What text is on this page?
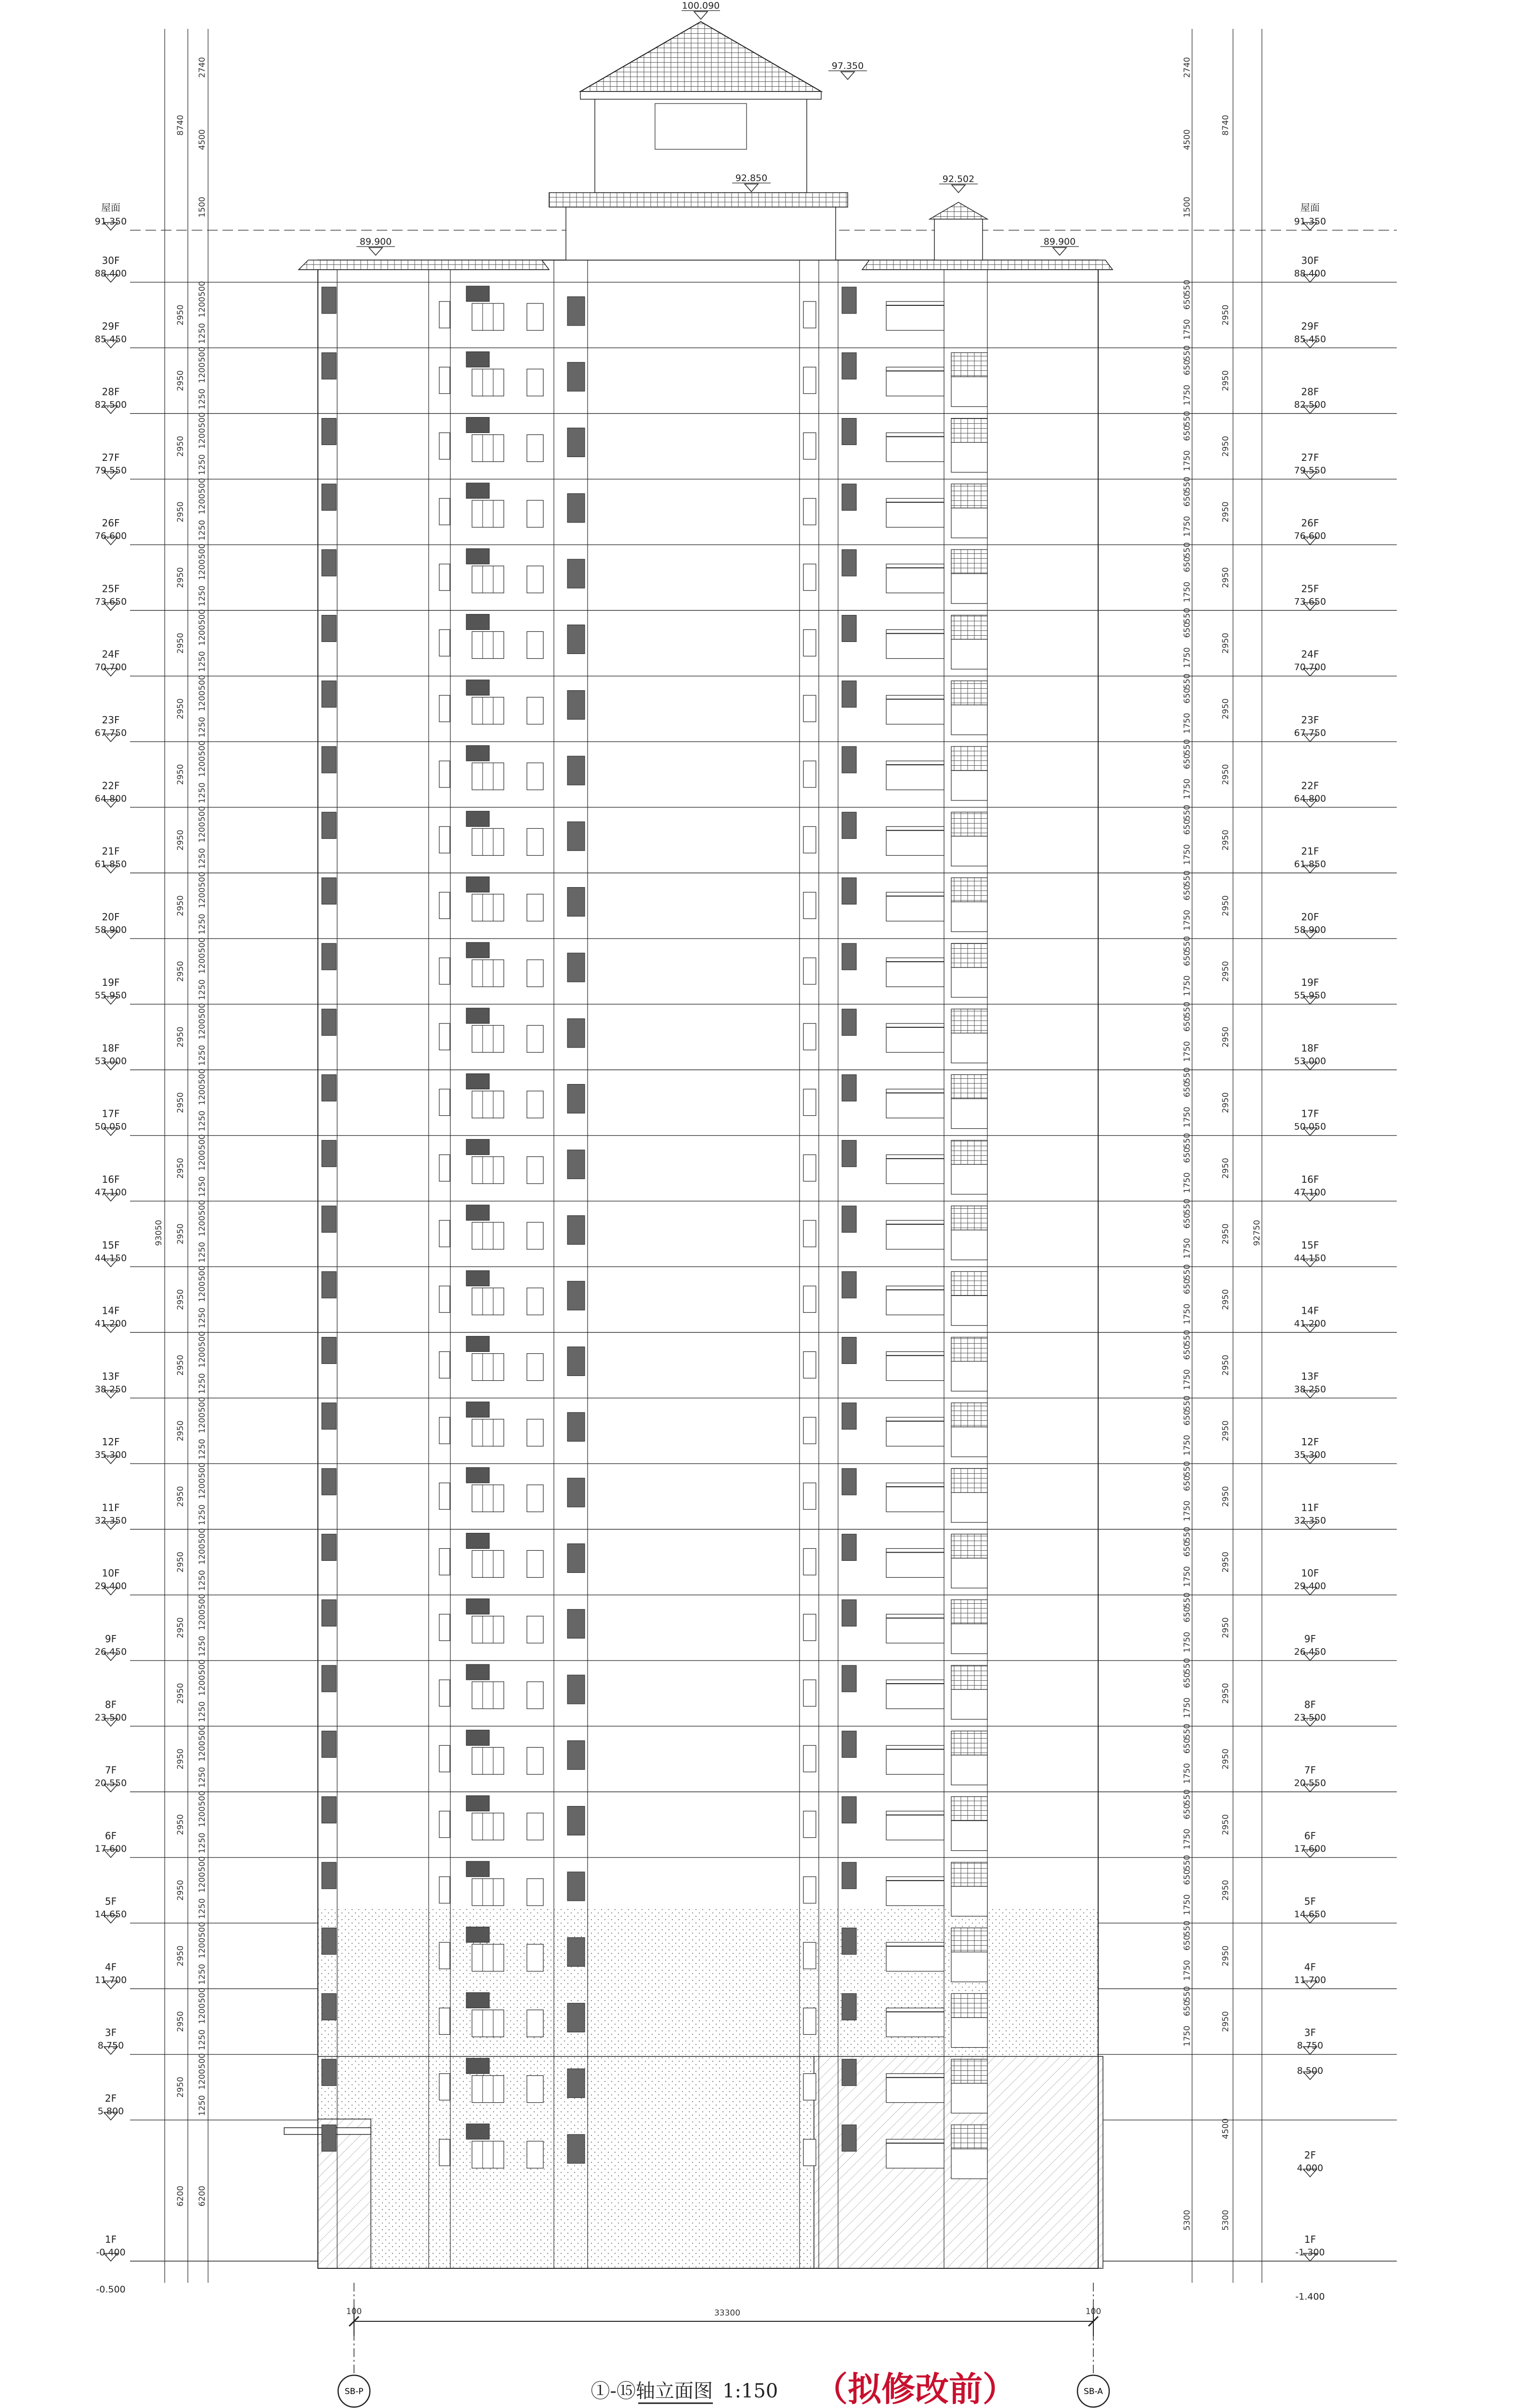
屋面
91.350
30F
88.400
29F
85.450
28F
82.500
27F
79.550
26F
76.600
25F
73.650
24F
70.700
23F
67.750
22F
64.800
21F
61.850
20F
58.900
19F
55.950
18F
53.000
17F
50.050
16F
47.100
15F
44.150
14F
41.200
13F
38.250
12F
35.300
11F
32.350
10F
29.400
9F
26.450
8F
23.500
7F
20.550
6F
17.600
5F
14.650
4F
11.700
3F
8.750
2F
5.800
1F
-0.400
-0.500
2950
1250
1200
500
2950
1250
1200
500
2950
1250
1200
500
2950
1250
1200
500
2950
1250
1200
500
2950
1250
1200
500
2950
1250
1200
500
2950
1250
1200
500
2950
1250
1200
500
2950
1250
1200
500
2950
1250
1200
500
2950
1250
1200
500
2950
1250
1200
500
2950
1250
1200
500
2950
1250
1200
500
2950
1250
1200
500
2950
1250
1200
500
2950
1250
1200
500
2950
1250
1200
500
2950
1250
1200
500
2950
1250
1200
500
2950
1250
1200
500
2950
1250
1200
500
2950
1250
1200
500
2950
1250
1200
500
2950
1250
1200
500
2950
1250
1200
500
2950
1250
1200
500
2740
4500
8740
1500
93050
6200 6200
屋面
91.350
30F
88.400
29F
85.450
28F
82.500
27F
79.550
26F
76.600
25F
73.650
24F
70.700
23F
67.750
22F
64.800
21F
61.850
20F
58.900
19F
55.950
18F
53.000
17F
50.050
16F
47.100
15F
44.150
14F
41.200
13F
38.250
12F
35.300
11F
32.350
10F
29.400
9F
26.450
8F
23.500
7F
20.550
6F
17.600
5F
14.650
4F
11.700
3F
8.750
8.500
2F
4.000
1F
-1.300
-1.400
2950
1750
650
550
2950
1750
650
550
2950
1750
650
550
2950
1750
650
550
2950
1750
650
550
2950
1750
650
550
2950
1750
650
550
2950
1750
650
550
2950
1750
650
550
2950
1750
650
550
2950
1750
650
550
2950
1750
650
550
2950
1750
650
550
2950
1750
650
550
2950
1750
650
550
2950
1750
650
550
2950
1750
650
550
2950
1750
650
550
2950
1750
650
550
2950
1750
650
550
2950
1750
650
550
2950
1750
650
550
2950
1750
650
550
2950
1750
650
550
2950
1750
650
550
2950
1750
650
550
2950
1750
650
550
2740
4500
8740
1500
92750
4500
5300
5300
100.090
97.350
92.850	92.502
89.900	89.900
33300
100	100
SB-P	SB-A
①-⑮轴立面图 1:150 （拟修改前）
